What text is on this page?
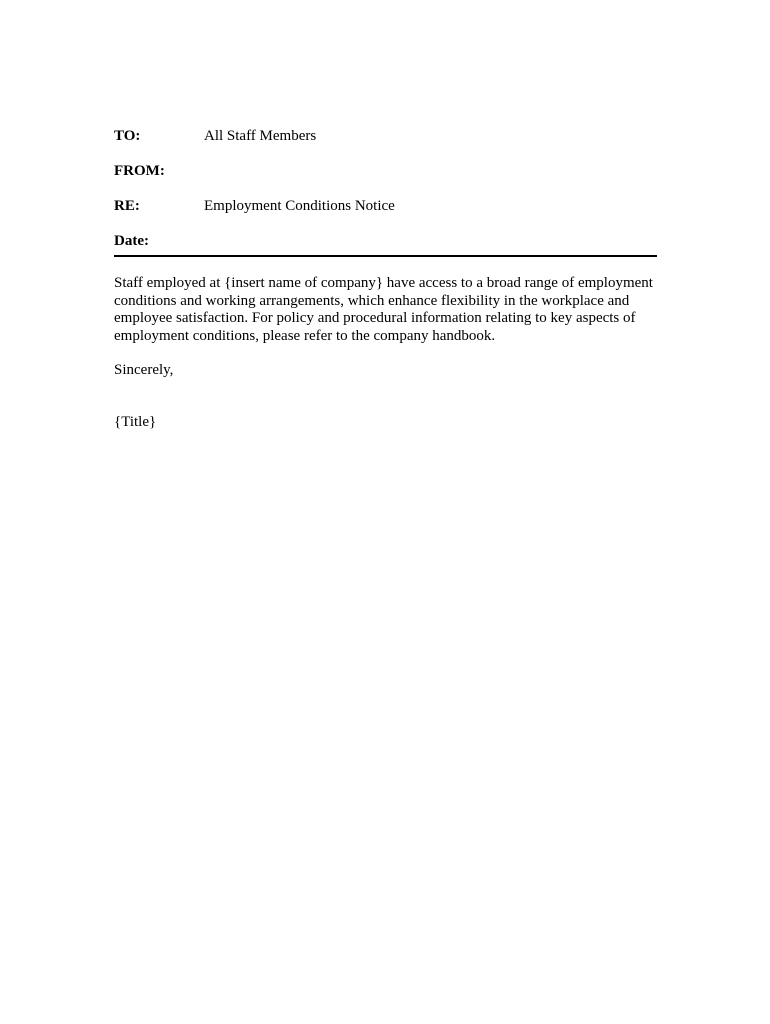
TO:	All Staff Members
FROM:
RE:	Employment Conditions Notice
Date:
Staff employed at {insert name of company} have access to a broad range of employment conditions and working arrangements, which enhance flexibility in the workplace and employee satisfaction. For policy and procedural information relating to key aspects of employment conditions, please refer to the company handbook.
Sincerely,
{Title}
